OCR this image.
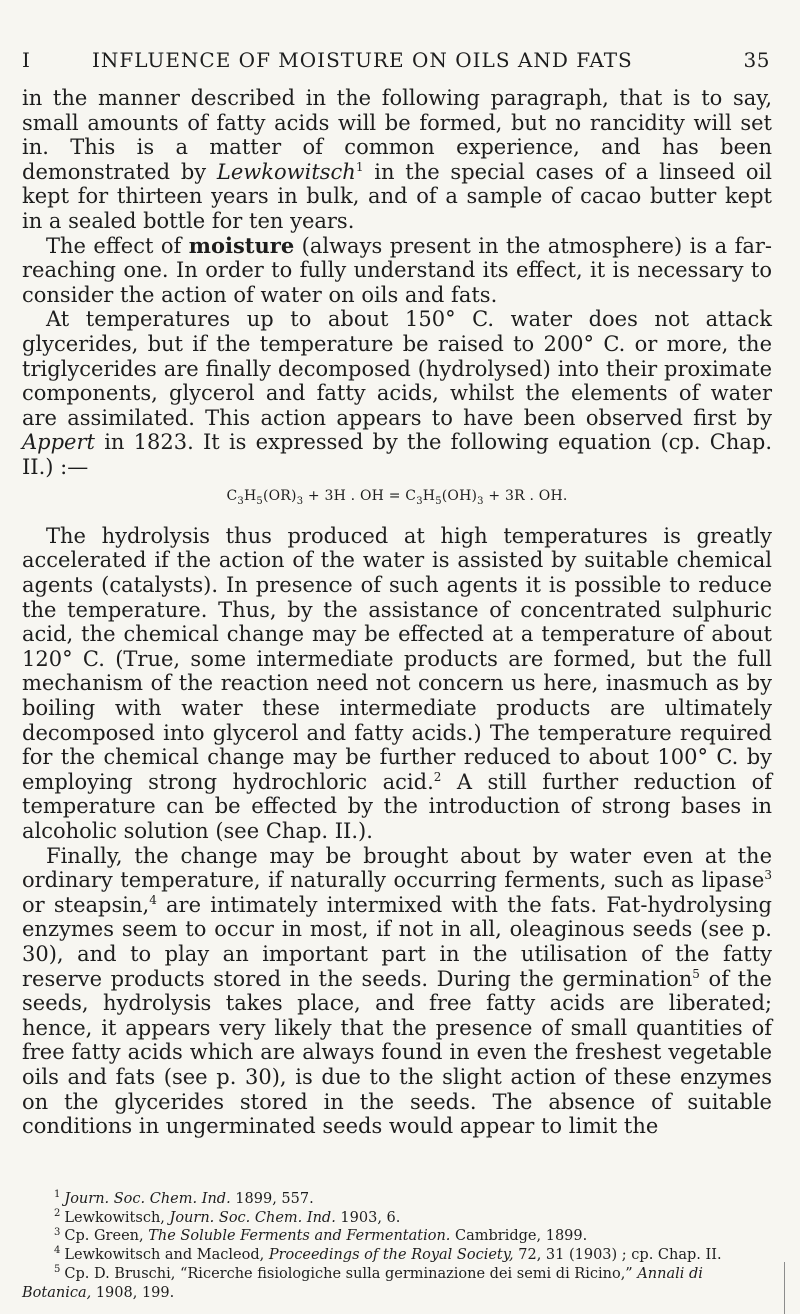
I	INFLUENCE OF MOISTURE ON OILS AND FATS	35

in the manner described in the following paragraph, that is to say, small amounts of fatty acids will be formed, but no rancidity will set in. This is a matter of common experience, and has been demonstrated by Lewkowitsch$^1$ in the special cases of a linseed oil kept for thirteen years in bulk, and of a sample of cacao butter kept in a sealed bottle for ten years.

The effect of moisture (always present in the atmosphere) is a far-reaching one. In order to fully understand its effect, it is necessary to consider the action of water on oils and fats.

At temperatures up to about 150° C. water does not attack glycerides, but if the temperature be raised to 200° C. or more, the triglycerides are finally decomposed (hydrolysed) into their proximate components, glycerol and fatty acids, whilst the elements of water are assimilated. This action appears to have been observed first by Appert in 1823. It is expressed by the following equation (cp. Chap. II.) :—

$C_3H_5(OR)_3 + 3H$ . OH = $C_3H_5(OH)_3 + 3R$ . OH.

The hydrolysis thus produced at high temperatures is greatly accelerated if the action of the water is assisted by suitable chemical agents (catalysts). In presence of such agents it is possible to reduce the temperature. Thus, by the assistance of concentrated sulphuric acid, the chemical change may be effected at a temperature of about 120° C. (True, some intermediate products are formed, but the full mechanism of the reaction need not concern us here, inasmuch as by boiling with water these intermediate products are ultimately decomposed into glycerol and fatty acids.) The temperature required for the chemical change may be further reduced to about 100° C. by employing strong hydrochloric acid.$^2$ A still further reduction of temperature can be effected by the introduction of strong bases in alcoholic solution (see Chap. II.).

Finally, the change may be brought about by water even at the ordinary temperature, if naturally occurring ferments, such as lipase$^3$ or steapsin,$^4$ are intimately intermixed with the fats. Fat-hydrolysing enzymes seem to occur in most, if not in all, oleaginous seeds (see p. 30), and to play an important part in the utilisation of the fatty reserve products stored in the seeds. During the germination$^5$ of the seeds, hydrolysis takes place, and free fatty acids are liberated; hence, it appears very likely that the presence of small quantities of free fatty acids which are always found in even the freshest vegetable oils and fats (see p. 30), is due to the slight action of these enzymes on the glycerides stored in the seeds. The absence of suitable conditions in ungerminated seeds would appear to limit the

$^1$ Journ. Soc. Chem. Ind. 1899, 557.

$^2$ Lewkowitsch, Journ. Soc. Chem. Ind. 1903, 6.

$^3$ Cp. Green, The Soluble Ferments and Fermentation. Cambridge, 1899.

$^4$ Lewkowitsch and Macleod, Proceedings of the Royal Society, 72, 31 (1903) ; cp. Chap. II.

$^5$ Cp. D. Bruschi, “Ricerche fisiologiche sulla germinazione dei semi di Ricino,” Annali di Botanica, 1908, 199.
